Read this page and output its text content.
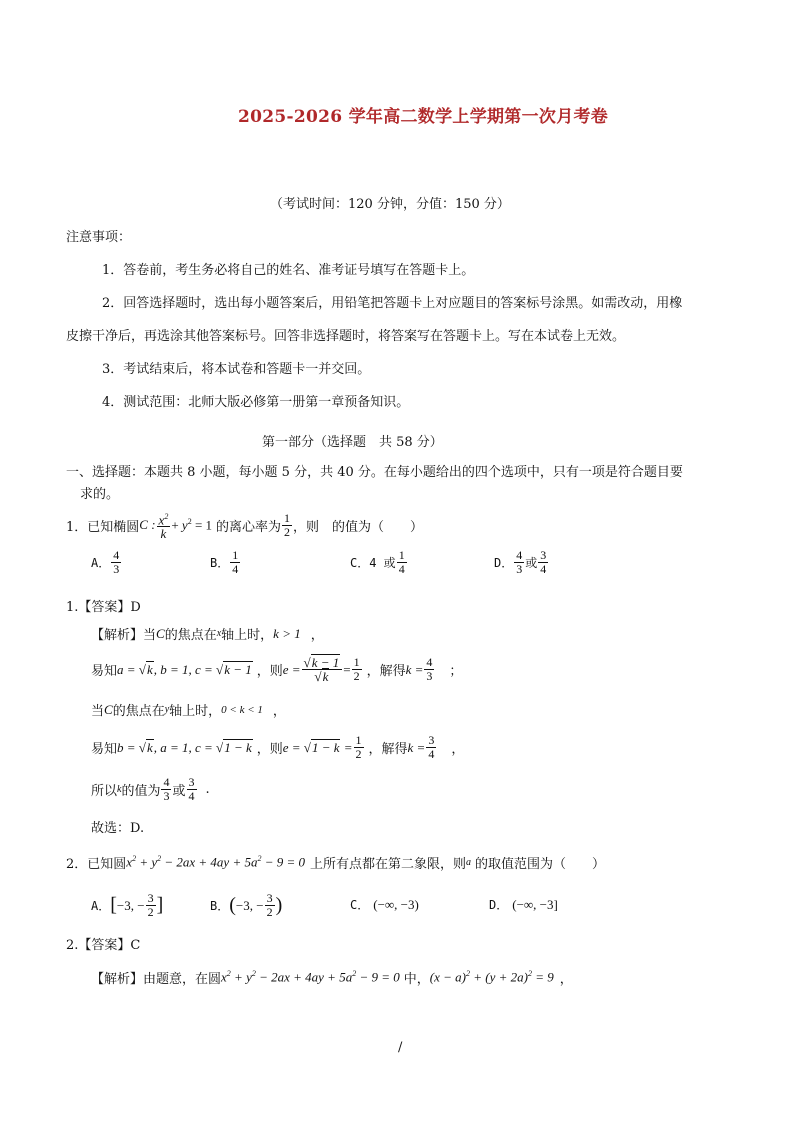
2025-2026 学年高二数学上学期第一次月考卷
（考试时间：120 分钟，分值：150 分）
注意事项：
1．答卷前，考生务必将自己的姓名、准考证号填写在答题卡上。
2．回答选择题时，选出每小题答案后，用铅笔把答题卡上对应题目的答案标号涂黑。如需改动，用橡
皮擦干净后，再选涂其他答案标号。回答非选择题时，将答案写在答题卡上。写在本试卷上无效。
3．考试结束后，将本试卷和答题卡一并交回。
4．测试范围：北师大版必修第一册第一章预备知识。
第一部分（选择题　共 58 分）
一、选择题：本题共 8 小题，每小题 5 分，共 40 分。在每小题给出的四个选项中，只有一项是符合题目要
求的。
1．已知椭圆 C : $\frac{x^2}{k} + y^2 = 1$ 的离心率为 $\frac{1}{2}$ ，则　的值为（　　）
A． $\frac{4}{3}$	B． $\frac{1}{4}$	C．4 或 $\frac{1}{4}$	D． $\frac{4}{3}$ 或 $\frac{3}{4}$
1.【答案】D
【解析】当 C 的焦点在 x 轴上时， k > 1 ，
易知 a = √k, b = 1, c = √k − 1 ，则 $e = \frac{√k - 1}{√k} = \frac{1}{2}$ ，解得 $k = \frac{4}{3}$ ；
当 C 的焦点在 y 轴上时， 0 < k < 1 ，
易知 b = √k, a = 1, c = √1 − k ，则 $e = √1 - k = \frac{1}{2}$ ，解得 $k = \frac{3}{4}$ ，
所以 k 的值为 $\frac{4}{3}$ 或 $\frac{3}{4}$ .
故选：D.
2．已知圆 $x^2 + y^2 - 2ax + 4ay + 5a^2 - 9 = 0$ 上所有点都在第二象限，则 a 的取值范围为（　　）
A． [ −3, − $\frac{3}{2}$ ]	B． ( −3, − $\frac{3}{2}$ )	C． (−∞, −3)	D． (−∞, −3]
2.【答案】C
【解析】由题意，在圆 $x^2 + y^2 - 2ax + 4ay + 5a^2 - 9 = 0$ 中， $(x - a)^2 + (y + 2a)^2 = 9$ ，
/
